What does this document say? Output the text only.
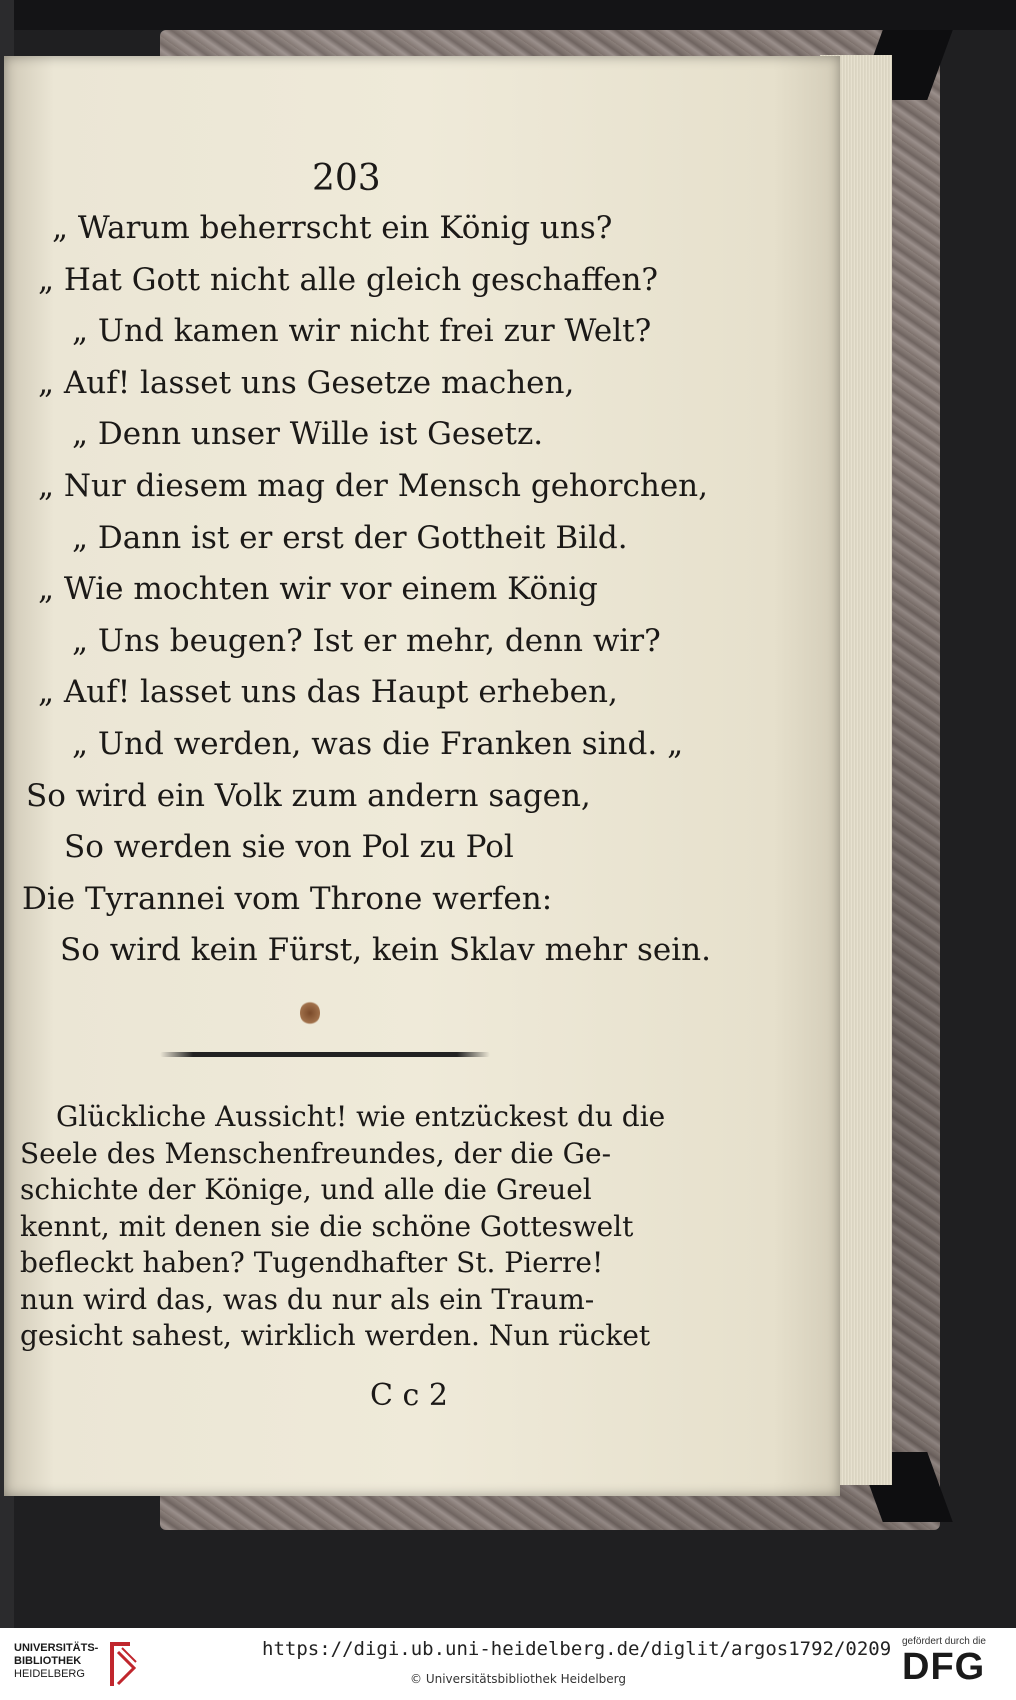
203
„ Warum beherrscht ein König uns?
„ Hat Gott nicht alle gleich geschaffen?
„ Und kamen wir nicht frei zur Welt?
„ Auf! lasset uns Gesetze machen,
„ Denn unser Wille ist Gesetz.
„ Nur diesem mag der Mensch gehorchen,
„ Dann ist er erst der Gottheit Bild.
„ Wie mochten wir vor einem König
„ Uns beugen? Ist er mehr, denn wir?
„ Auf! lasset uns das Haupt erheben,
„ Und werden, was die Franken sind. „
So wird ein Volk zum andern sagen,
So werden sie von Pol zu Pol
Die Tyrannei vom Throne werfen:
So wird kein Fürst, kein Sklav mehr sein.
Glückliche Aussicht! wie entzückest du die
Seele des Menschenfreundes, der die Ge-
schichte der Könige, und alle die Greuel
kennt, mit denen sie die schöne Gotteswelt
befleckt haben? Tugendhafter St. Pierre!
nun wird das, was du nur als ein Traum-
gesicht sahest, wirklich werden. Nun rücket
C c 2
UNIVERSITÄTS-
BIBLIOTHEK
HEIDELBERG
https://digi.ub.uni-heidelberg.de/diglit/argos1792/0209
© Universitätsbibliothek Heidelberg
gefördert durch die
DFG
